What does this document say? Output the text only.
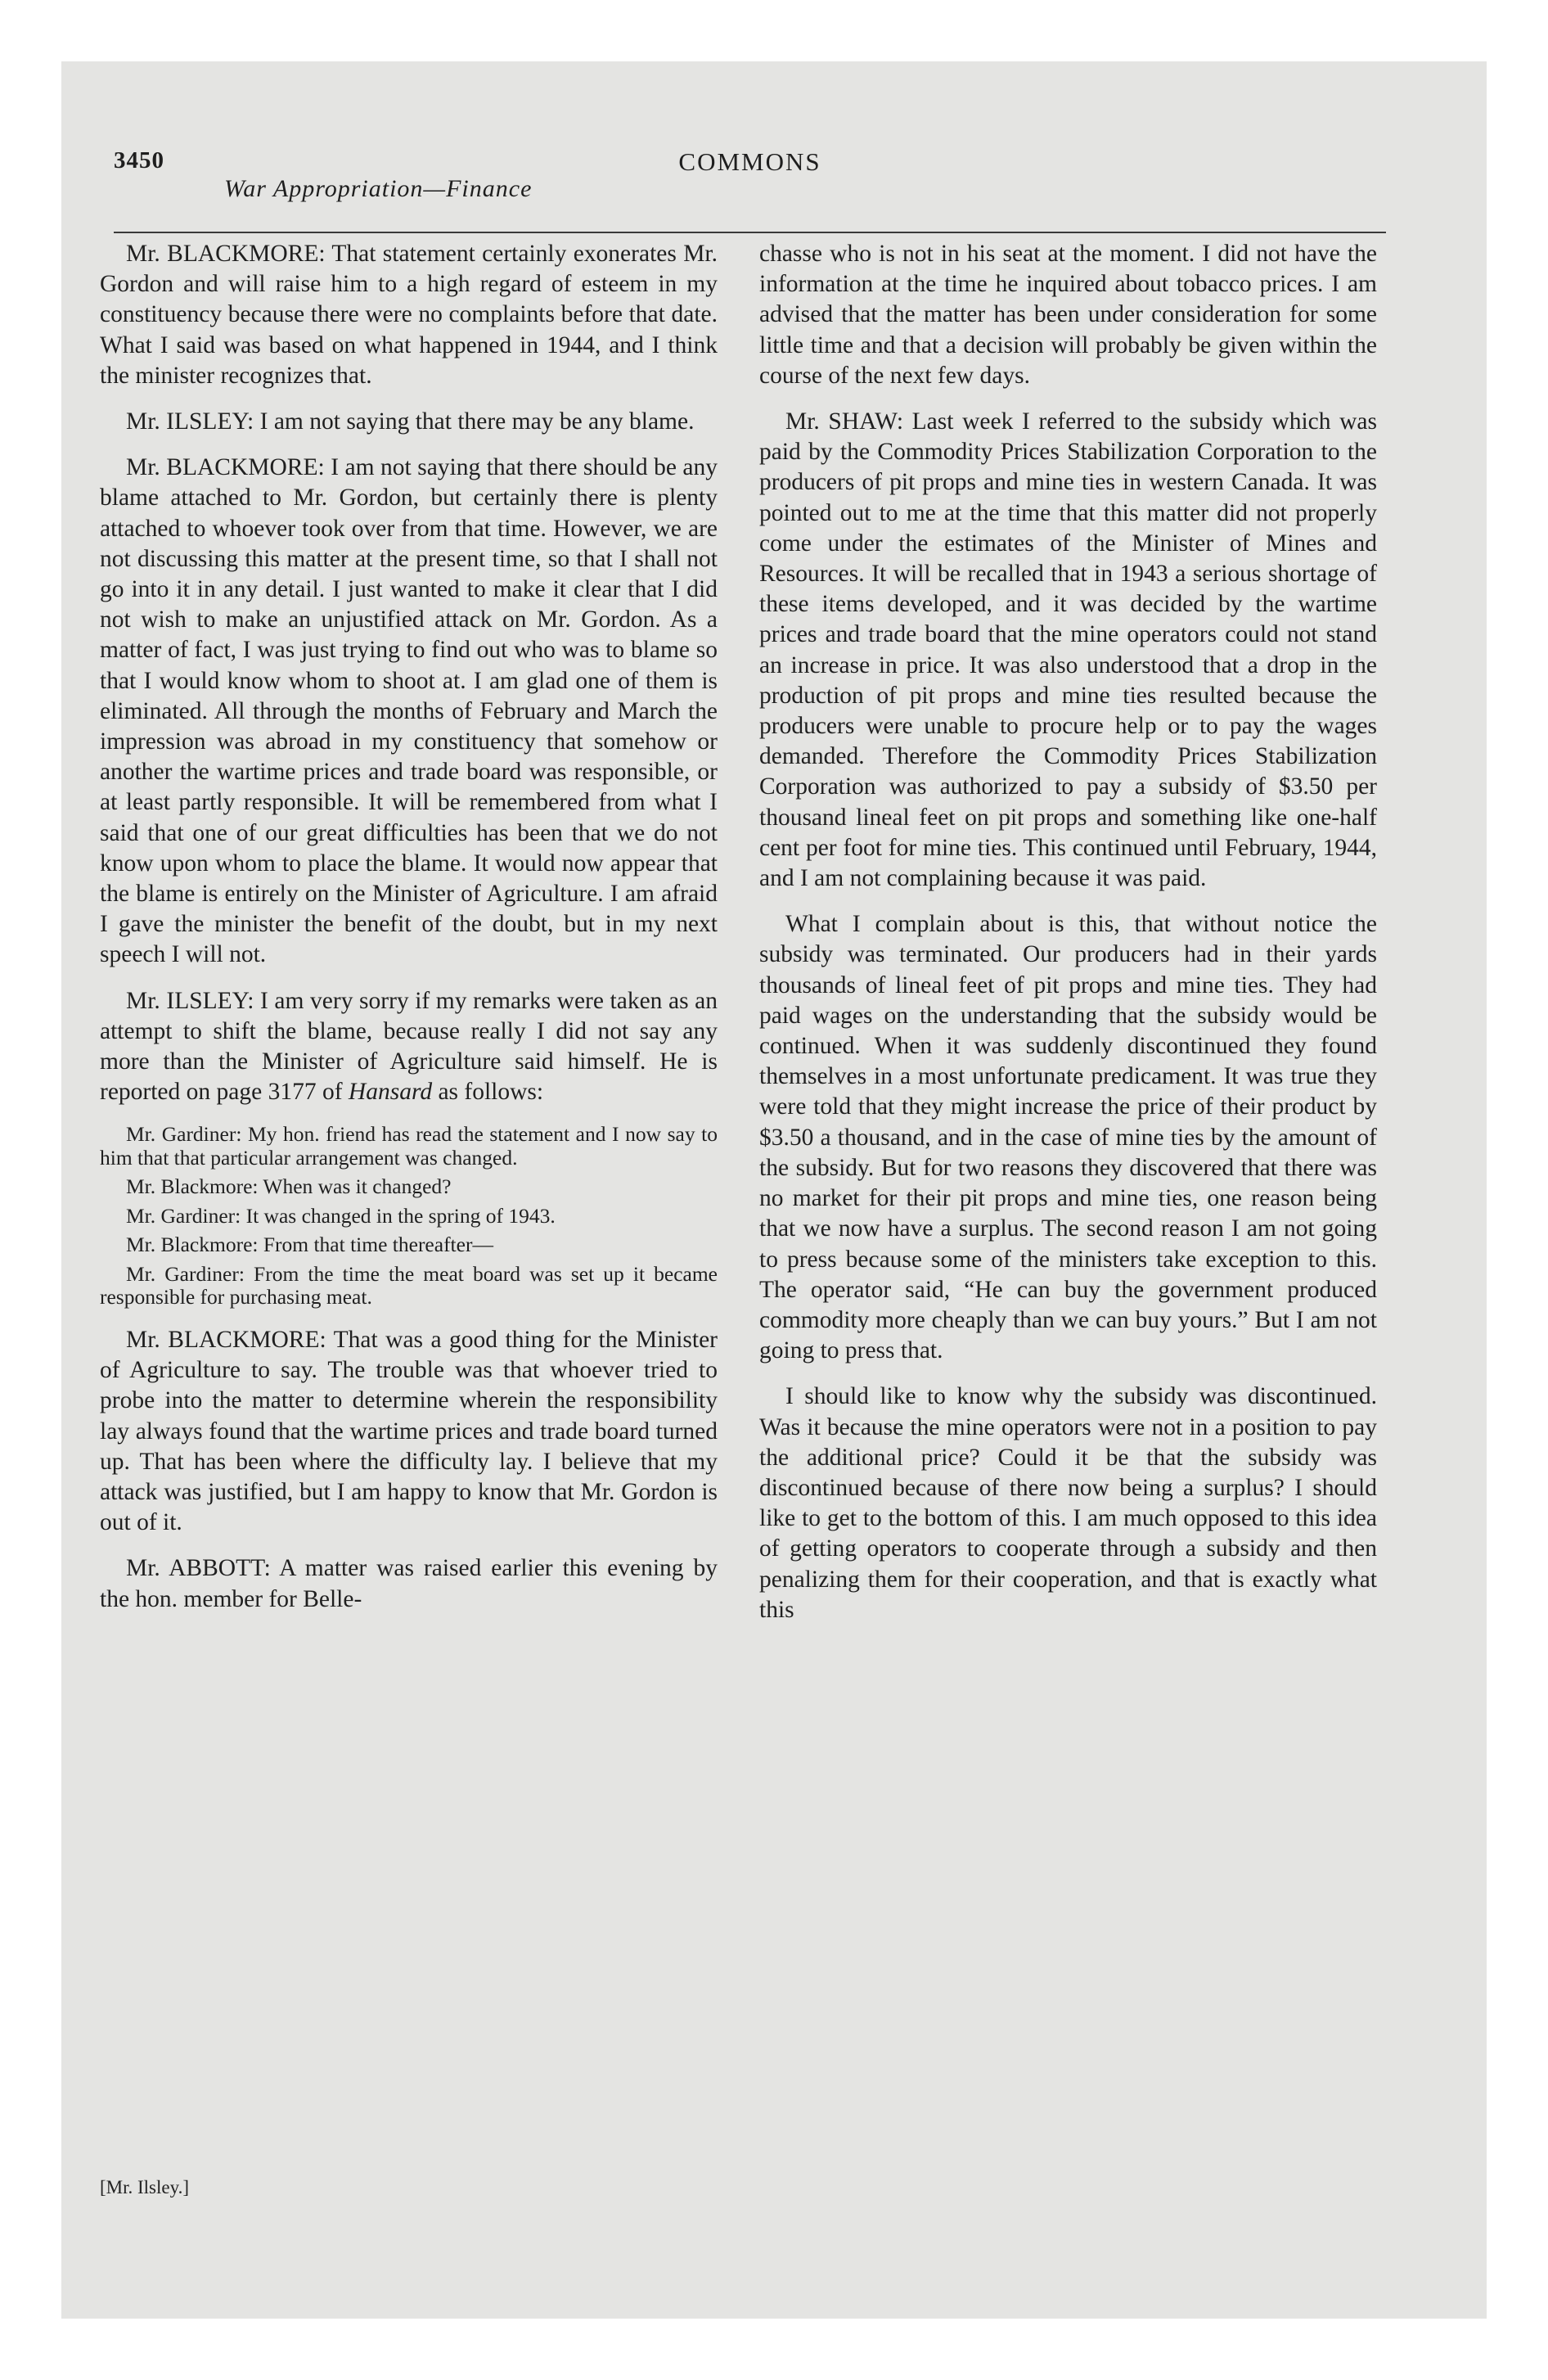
3450	COMMONS
War Appropriation—Finance

Mr. BLACKMORE: That statement certainly exonerates Mr. Gordon and will raise him to a high regard of esteem in my constituency because there were no complaints before that date. What I said was based on what happened in 1944, and I think the minister recognizes that.

Mr. ILSLEY: I am not saying that there may be any blame.

Mr. BLACKMORE: I am not saying that there should be any blame attached to Mr. Gordon, but certainly there is plenty attached to whoever took over from that time. However, we are not discussing this matter at the present time, so that I shall not go into it in any detail. I just wanted to make it clear that I did not wish to make an unjustified attack on Mr. Gordon. As a matter of fact, I was just trying to find out who was to blame so that I would know whom to shoot at. I am glad one of them is eliminated. All through the months of February and March the impression was abroad in my constituency that somehow or another the wartime prices and trade board was responsible, or at least partly responsible. It will be remembered from what I said that one of our great difficulties has been that we do not know upon whom to place the blame. It would now appear that the blame is entirely on the Minister of Agriculture. I am afraid I gave the minister the benefit of the doubt, but in my next speech I will not.

Mr. ILSLEY: I am very sorry if my remarks were taken as an attempt to shift the blame, because really I did not say any more than the Minister of Agriculture said himself. He is reported on page 3177 of Hansard as follows:

Mr. Gardiner: My hon. friend has read the statement and I now say to him that that particular arrangement was changed.

Mr. Blackmore: When was it changed?

Mr. Gardiner: It was changed in the spring of 1943.

Mr. Blackmore: From that time thereafter—

Mr. Gardiner: From the time the meat board was set up it became responsible for purchasing meat.

Mr. BLACKMORE: That was a good thing for the Minister of Agriculture to say. The trouble was that whoever tried to probe into the matter to determine wherein the responsibility lay always found that the wartime prices and trade board turned up. That has been where the difficulty lay. I believe that my attack was justified, but I am happy to know that Mr. Gordon is out of it.

Mr. ABBOTT: A matter was raised earlier this evening by the hon. member for Belle-

chasse who is not in his seat at the moment. I did not have the information at the time he inquired about tobacco prices. I am advised that the matter has been under consideration for some little time and that a decision will probably be given within the course of the next few days.

Mr. SHAW: Last week I referred to the subsidy which was paid by the Commodity Prices Stabilization Corporation to the producers of pit props and mine ties in western Canada. It was pointed out to me at the time that this matter did not properly come under the estimates of the Minister of Mines and Resources. It will be recalled that in 1943 a serious shortage of these items developed, and it was decided by the wartime prices and trade board that the mine operators could not stand an increase in price. It was also understood that a drop in the production of pit props and mine ties resulted because the producers were unable to procure help or to pay the wages demanded. Therefore the Commodity Prices Stabilization Corporation was authorized to pay a subsidy of $3.50 per thousand lineal feet on pit props and something like one-half cent per foot for mine ties. This continued until February, 1944, and I am not complaining because it was paid.

What I complain about is this, that without notice the subsidy was terminated. Our producers had in their yards thousands of lineal feet of pit props and mine ties. They had paid wages on the understanding that the subsidy would be continued. When it was suddenly discontinued they found themselves in a most unfortunate predicament. It was true they were told that they might increase the price of their product by $3.50 a thousand, and in the case of mine ties by the amount of the subsidy. But for two reasons they discovered that there was no market for their pit props and mine ties, one reason being that we now have a surplus. The second reason I am not going to press because some of the ministers take exception to this. The operator said, “He can buy the government produced commodity more cheaply than we can buy yours.” But I am not going to press that.

I should like to know why the subsidy was discontinued. Was it because the mine operators were not in a position to pay the additional price? Could it be that the subsidy was discontinued because of there now being a surplus? I should like to get to the bottom of this. I am much opposed to this idea of getting operators to cooperate through a subsidy and then penalizing them for their cooperation, and that is exactly what this

[Mr. Ilsley.]
